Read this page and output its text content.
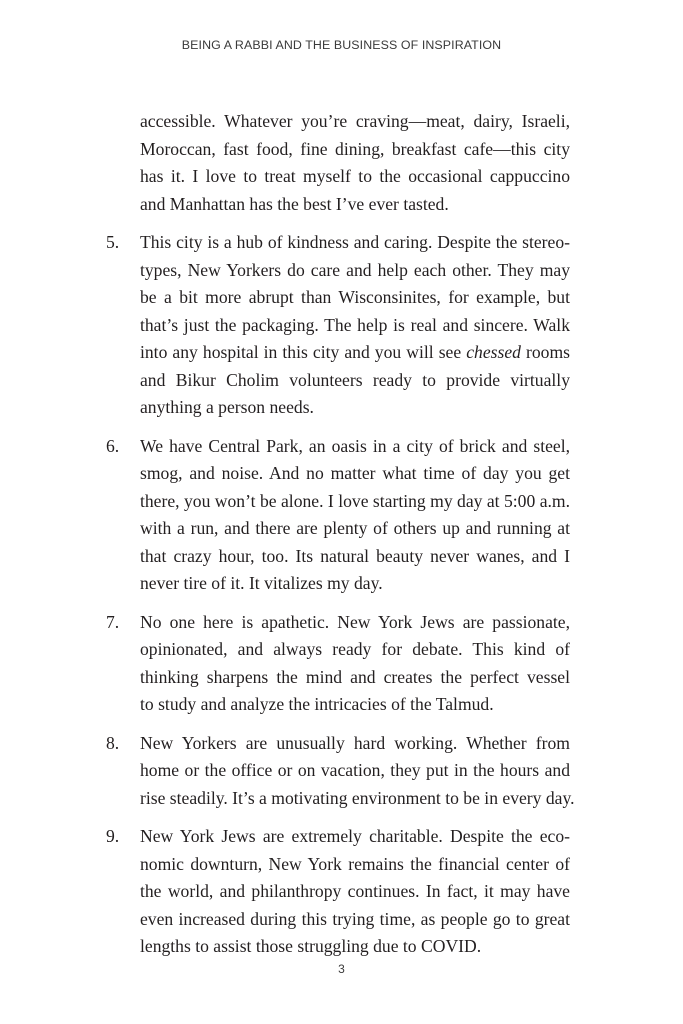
BEING A RABBI AND THE BUSINESS OF INSPIRATION

accessible. Whatever you’re craving—meat, dairy, Israeli,
Moroccan, fast food, fine dining, breakfast cafe—this city
has it. I love to treat myself to the occasional cappuccino
and Manhattan has the best I’ve ever tasted.

5. This city is a hub of kindness and caring. Despite the stereo-
types, New Yorkers do care and help each other. They may
be a bit more abrupt than Wisconsinites, for example, but
that’s just the packaging. The help is real and sincere. Walk
into any hospital in this city and you will see chessed rooms
and Bikur Cholim volunteers ready to provide virtually
anything a person needs.
6. We have Central Park, an oasis in a city of brick and steel,
smog, and noise. And no matter what time of day you get
there, you won’t be alone. I love starting my day at 5:00 a.m.
with a run, and there are plenty of others up and running at
that crazy hour, too. Its natural beauty never wanes, and I
never tire of it. It vitalizes my day.
7. No one here is apathetic. New York Jews are passionate,
opinionated, and always ready for debate. This kind of
thinking sharpens the mind and creates the perfect vessel
to study and analyze the intricacies of the Talmud.
8. New Yorkers are unusually hard working. Whether from
home or the office or on vacation, they put in the hours and
rise steadily. It’s a motivating environment to be in every day.
9. New York Jews are extremely charitable. Despite the eco-
nomic downturn, New York remains the financial center of
the world, and philanthropy continues. In fact, it may have
even increased during this trying time, as people go to great
lengths to assist those struggling due to COVID.
3
